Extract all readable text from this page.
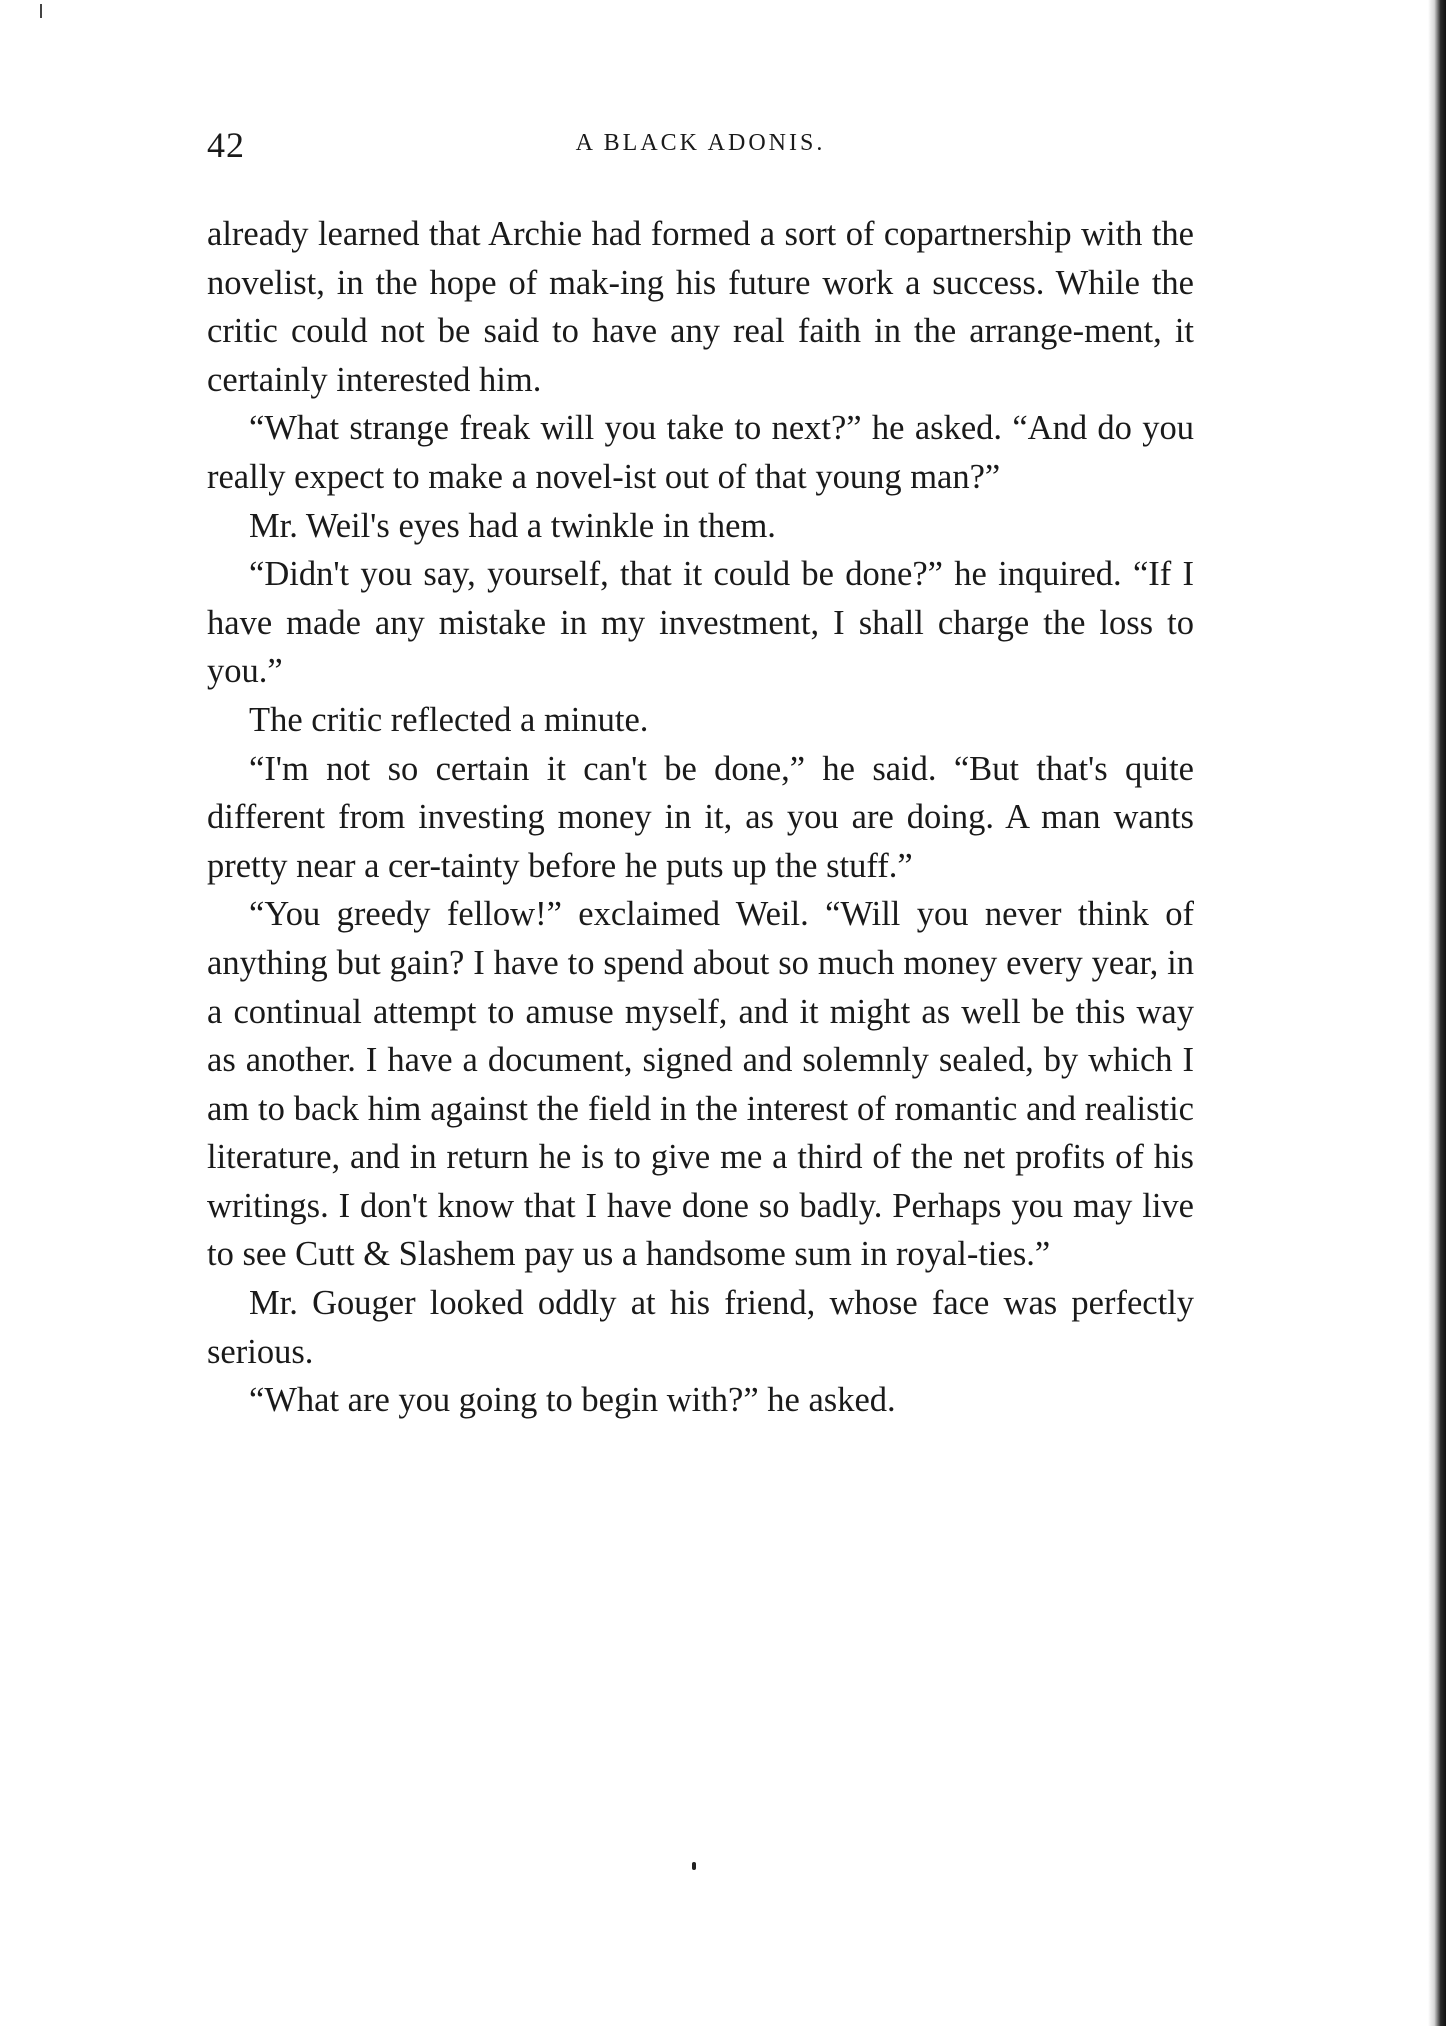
42	A BLACK ADONIS.

already learned that Archie had formed a sort of copartnership with the novelist, in the hope of mak-ing his future work a success. While the critic could not be said to have any real faith in the arrange-ment, it certainly interested him.

“What strange freak will you take to next?” he asked. “And do you really expect to make a novel-ist out of that young man?”

Mr. Weil's eyes had a twinkle in them.

“Didn't you say, yourself, that it could be done?” he inquired. “If I have made any mistake in my investment, I shall charge the loss to you.”

The critic reflected a minute.

“I'm not so certain it can't be done,” he said. “But that's quite different from investing money in it, as you are doing. A man wants pretty near a cer-tainty before he puts up the stuff.”

“You greedy fellow!” exclaimed Weil. “Will you never think of anything but gain? I have to spend about so much money every year, in a continual attempt to amuse myself, and it might as well be this way as another. I have a document, signed and solemnly sealed, by which I am to back him against the field in the interest of romantic and realistic literature, and in return he is to give me a third of the net profits of his writings. I don't know that I have done so badly. Perhaps you may live to see Cutt & Slashem pay us a handsome sum in royal-ties.”

Mr. Gouger looked oddly at his friend, whose face was perfectly serious.

“What are you going to begin with?” he asked.
